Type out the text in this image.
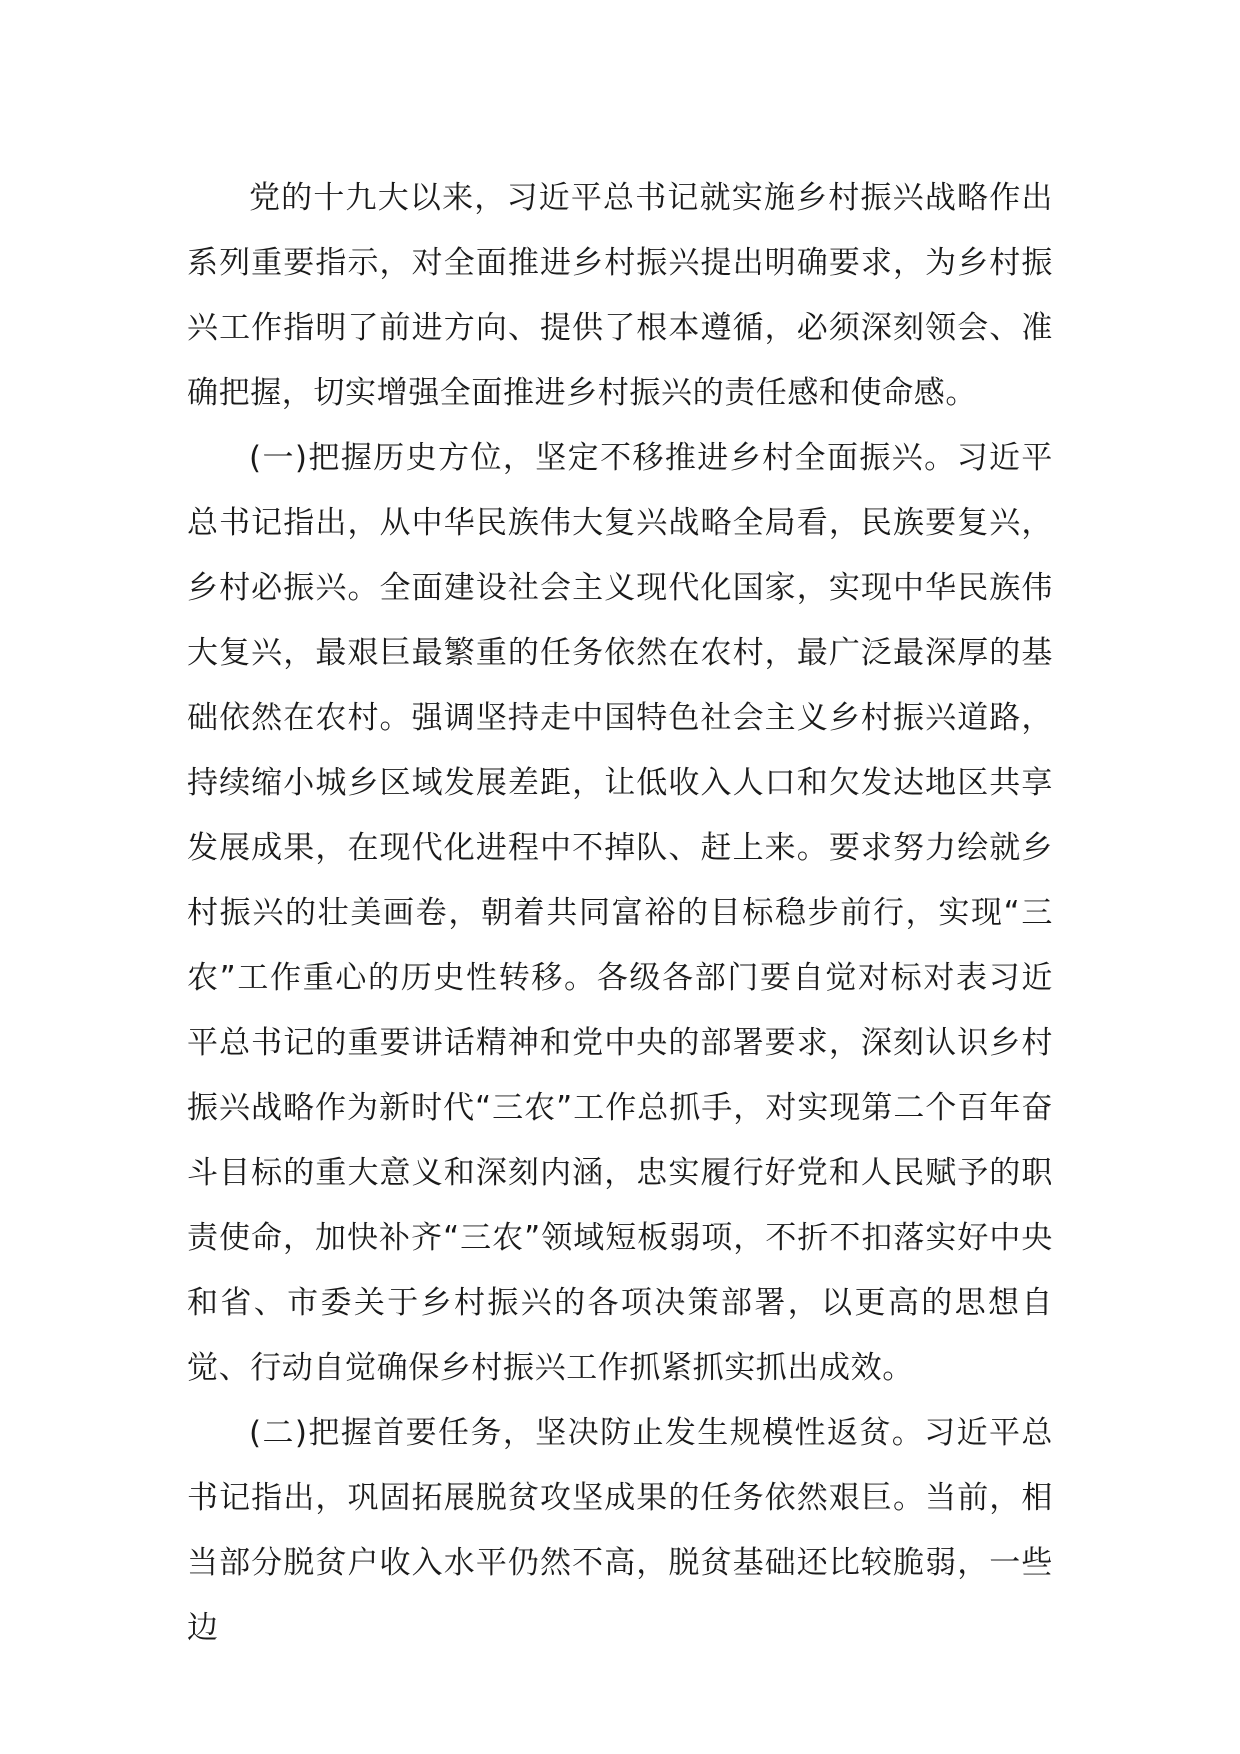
党的十九大以来，习近平总书记就实施乡村振兴战略作出系列重要指示，对全面推进乡村振兴提出明确要求，为乡村振兴工作指明了前进方向、提供了根本遵循，必须深刻领会、准确把握，切实增强全面推进乡村振兴的责任感和使命感。

(一)把握历史方位，坚定不移推进乡村全面振兴。习近平总书记指出，从中华民族伟大复兴战略全局看，民族要复兴，乡村必振兴。全面建设社会主义现代化国家，实现中华民族伟大复兴，最艰巨最繁重的任务依然在农村，最广泛最深厚的基础依然在农村。强调坚持走中国特色社会主义乡村振兴道路，持续缩小城乡区域发展差距，让低收入人口和欠发达地区共享发展成果，在现代化进程中不掉队、赶上来。要求努力绘就乡村振兴的壮美画卷，朝着共同富裕的目标稳步前行，实现“三农”工作重心的历史性转移。各级各部门要自觉对标对表习近平总书记的重要讲话精神和党中央的部署要求，深刻认识乡村振兴战略作为新时代“三农”工作总抓手，对实现第二个百年奋斗目标的重大意义和深刻内涵，忠实履行好党和人民赋予的职责使命，加快补齐“三农”领域短板弱项，不折不扣落实好中央和省、市委关于乡村振兴的各项决策部署，以更高的思想自觉、行动自觉确保乡村振兴工作抓紧抓实抓出成效。

(二)把握首要任务，坚决防止发生规模性返贫。习近平总书记指出，巩固拓展脱贫攻坚成果的任务依然艰巨。当前，相当部分脱贫户收入水平仍然不高，脱贫基础还比较脆弱，一些边
